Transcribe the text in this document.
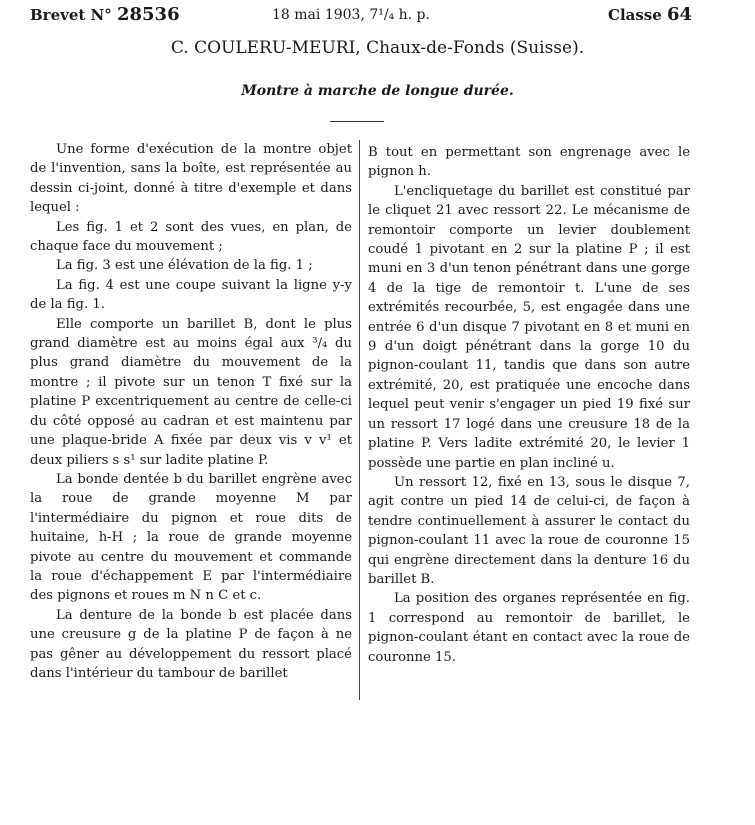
Brevet N° 28536	18 mai 1903, 7¹/₄ h. p.	Classe 64
C. COULERU-MEURI, Chaux-de-Fonds (Suisse).
Montre à marche de longue durée.

Une forme d'exécution de la montre objet de l'invention, sans la boîte, est représentée au dessin ci-joint, donné à titre d'exemple et dans lequel :

Les fig. 1 et 2 sont des vues, en plan, de chaque face du mouvement ;

La fig. 3 est une élévation de la fig. 1 ;

La fig. 4 est une coupe suivant la ligne y-y de la fig. 1.

Elle comporte un barillet B, dont le plus grand diamètre est au moins égal aux ³/₄ du plus grand diamètre du mouvement de la montre ; il pivote sur un tenon T fixé sur la platine P excentriquement au centre de celle-ci du côté opposé au cadran et est maintenu par une plaque-bride A fixée par deux vis v v¹ et deux piliers s s¹ sur ladite platine P.

La bonde dentée b du barillet engrène avec la roue de grande moyenne M par l'intermédiaire du pignon et roue dits de huitaine, h-H ; la roue de grande moyenne pivote au centre du mouvement et commande la roue d'échappement E par l'intermédiaire des pignons et roues m N n C et c.

La denture de la bonde b est placée dans une creusure g de la platine P de façon à ne pas gêner au développement du ressort placé dans l'intérieur du tambour de barillet

B tout en permettant son engrenage avec le pignon h.

L'encliquetage du barillet est constitué par le cliquet 21 avec ressort 22. Le mécanisme de remontoir comporte un levier doublement coudé 1 pivotant en 2 sur la platine P ; il est muni en 3 d'un tenon pénétrant dans une gorge 4 de la tige de remontoir t. L'une de ses extrémités recourbée, 5, est engagée dans une entrée 6 d'un disque 7 pivotant en 8 et muni en 9 d'un doigt pénétrant dans la gorge 10 du pignon-coulant 11, tandis que dans son autre extrémité, 20, est pratiquée une encoche dans lequel peut venir s'engager un pied 19 fixé sur un ressort 17 logé dans une creusure 18 de la platine P. Vers ladite extrémité 20, le levier 1 possède une partie en plan incliné u.

Un ressort 12, fixé en 13, sous le disque 7, agit contre un pied 14 de celui-ci, de façon à tendre continuellement à assurer le contact du pignon-coulant 11 avec la roue de couronne 15 qui engrène directement dans la denture 16 du barillet B.

La position des organes représentée en fig. 1 correspond au remontoir de barillet, le pignon-coulant étant en contact avec la roue de couronne 15.
